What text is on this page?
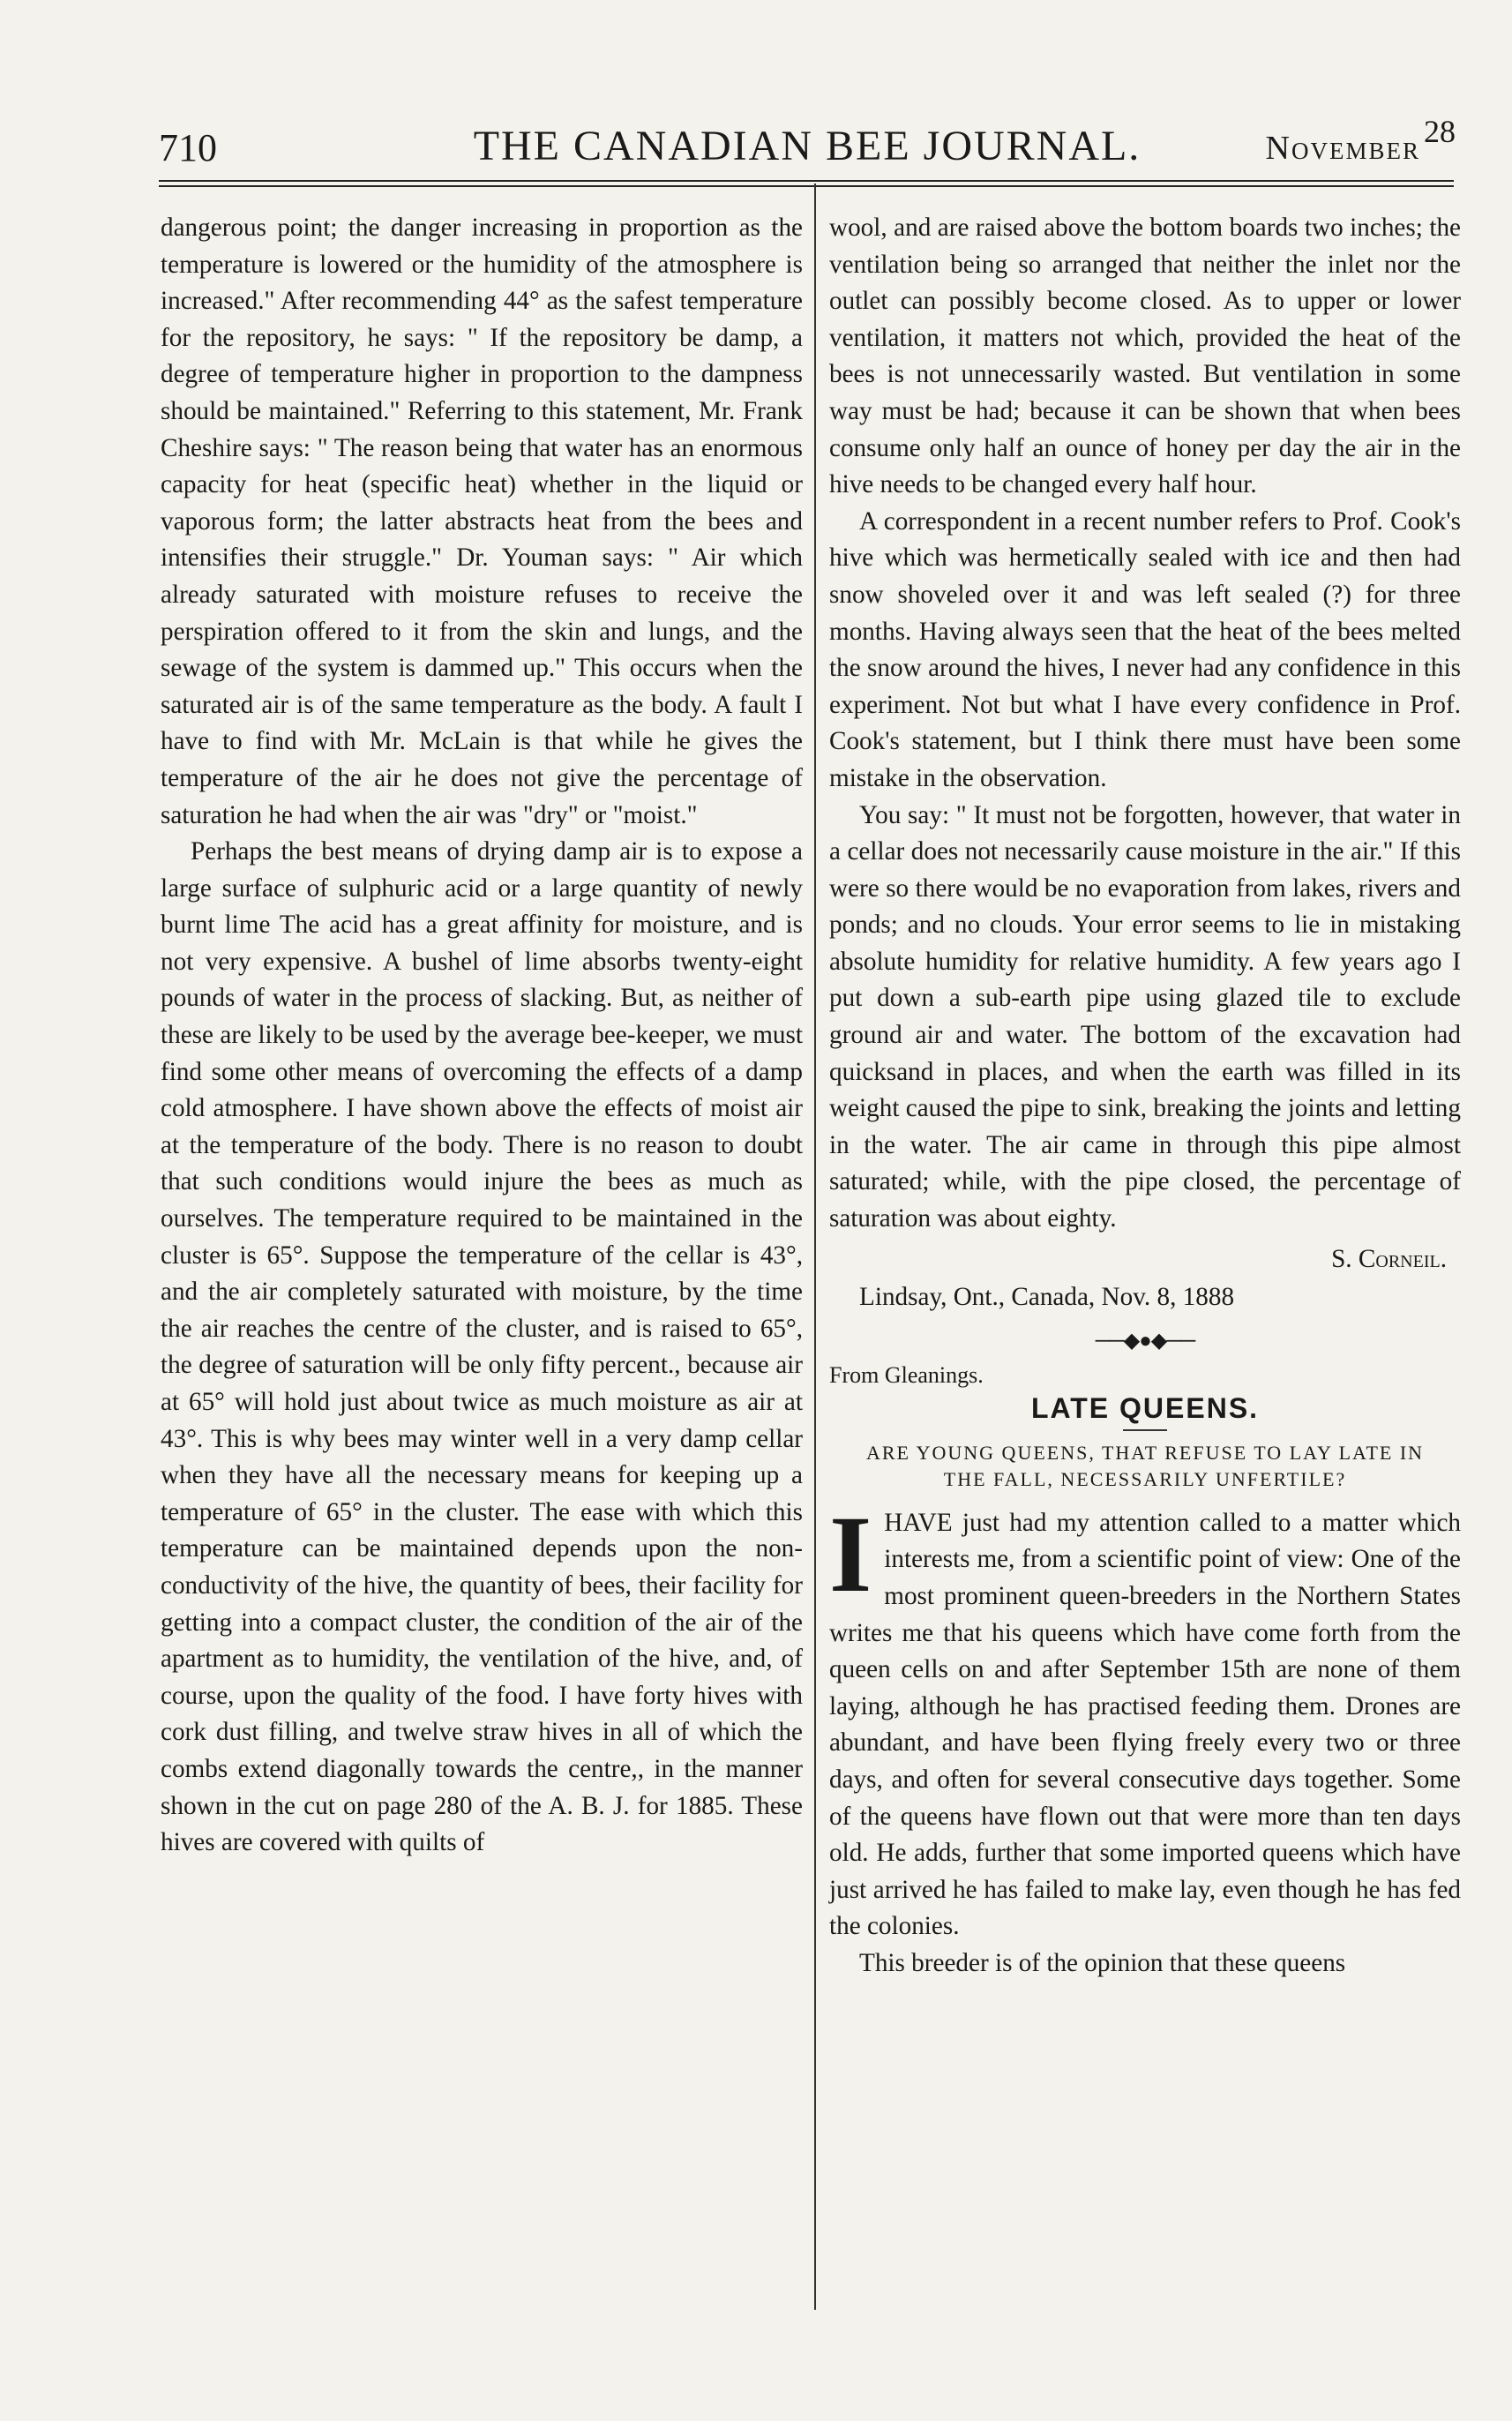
710	THE CANADIAN BEE JOURNAL.	November 28

dangerous point; the danger increasing in proportion as the temperature is lowered or the humidity of the atmosphere is increased." After recommending 44° as the safest temperature for the repository, he says: " If the repository be damp, a degree of temperature higher in proportion to the dampness should be maintained." Referring to this statement, Mr. Frank Cheshire says: " The reason being that water has an enormous capacity for heat (specific heat) whether in the liquid or vaporous form; the latter abstracts heat from the bees and intensifies their struggle." Dr. Youman says: " Air which already saturated with moisture refuses to receive the perspiration offered to it from the skin and lungs, and the sewage of the system is dammed up." This occurs when the saturated air is of the same temperature as the body. A fault I have to find with Mr. McLain is that while he gives the temperature of the air he does not give the percentage of saturation he had when the air was "dry" or "moist."

Perhaps the best means of drying damp air is to expose a large surface of sulphuric acid or a large quantity of newly burnt lime The acid has a great affinity for moisture, and is not very expensive. A bushel of lime absorbs twenty-eight pounds of water in the process of slacking. But, as neither of these are likely to be used by the average bee-keeper, we must find some other means of overcoming the effects of a damp cold atmosphere. I have shown above the effects of moist air at the temperature of the body. There is no reason to doubt that such conditions would injure the bees as much as ourselves. The temperature required to be maintained in the cluster is 65°. Suppose the temperature of the cellar is 43°, and the air completely saturated with moisture, by the time the air reaches the centre of the cluster, and is raised to 65°, the degree of saturation will be only fifty percent., because air at 65° will hold just about twice as much moisture as air at 43°. This is why bees may winter well in a very damp cellar when they have all the necessary means for keeping up a temperature of 65° in the cluster. The ease with which this temperature can be maintained depends upon the non-conductivity of the hive, the quantity of bees, their facility for getting into a compact cluster, the condition of the air of the apartment as to humidity, the ventilation of the hive, and, of course, upon the quality of the food. I have forty hives with cork dust filling, and twelve straw hives in all of which the combs extend diagonally towards the centre,, in the manner shown in the cut on page 280 of the A. B. J. for 1885. These hives are covered with quilts of

wool, and are raised above the bottom boards two inches; the ventilation being so arranged that neither the inlet nor the outlet can possibly become closed. As to upper or lower ventilation, it matters not which, provided the heat of the bees is not unnecessarily wasted. But ventilation in some way must be had; because it can be shown that when bees consume only half an ounce of honey per day the air in the hive needs to be changed every half hour.

A correspondent in a recent number refers to Prof. Cook's hive which was hermetically sealed with ice and then had snow shoveled over it and was left sealed (?) for three months. Having always seen that the heat of the bees melted the snow around the hives, I never had any confidence in this experiment. Not but what I have every confidence in Prof. Cook's statement, but I think there must have been some mistake in the observation.

You say: " It must not be forgotten, however, that water in a cellar does not necessarily cause moisture in the air." If this were so there would be no evaporation from lakes, rivers and ponds; and no clouds. Your error seems to lie in mistaking absolute humidity for relative humidity. A few years ago I put down a sub-earth pipe using glazed tile to exclude ground air and water. The bottom of the excavation had quicksand in places, and when the earth was filled in its weight caused the pipe to sink, breaking the joints and letting in the water. The air came in through this pipe almost saturated; while, with the pipe closed, the percentage of saturation was about eighty.

S. Corneil.

Lindsay, Ont., Canada, Nov. 8, 1888

──◆●◆──

From Gleanings.

LATE QUEENS.
ARE YOUNG QUEENS, THAT REFUSE TO LAY LATE IN THE FALL, NECESSARILY UNFERTILE?

IHAVE just had my attention called to a matter which interests me, from a scientific point of view: One of the most prominent queen-breeders in the Northern States writes me that his queens which have come forth from the queen cells on and after September 15th are none of them laying, although he has practised feeding them. Drones are abundant, and have been flying freely every two or three days, and often for several consecutive days together. Some of the queens have flown out that were more than ten days old. He adds, further that some imported queens which have just arrived he has failed to make lay, even though he has fed the colonies.

This breeder is of the opinion that these queens
